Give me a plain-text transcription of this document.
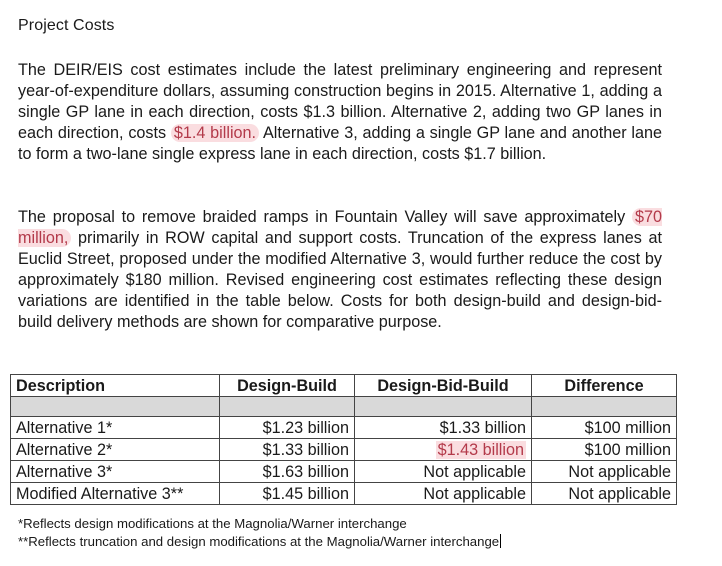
Project Costs

The DEIR/EIS cost estimates include the latest preliminary engineering and represent year-of-expenditure dollars, assuming construction begins in 2015. Alternative 1, adding a single GP lane in each direction, costs $1.3 billion. Alternative 2, adding two GP lanes in each direction, costs $1.4 billion. Alternative 3, adding a single GP lane and another lane to form a two-lane single express lane in each direction, costs $1.7 billion.

The proposal to remove braided ramps in Fountain Valley will save approximately $70 million, primarily in ROW capital and support costs. Truncation of the express lanes at Euclid Street, proposed under the modified Alternative 3, would further reduce the cost by approximately $180 million. Revised engineering cost estimates reflecting these design variations are identified in the table below. Costs for both design-build and design-bid-build delivery methods are shown for comparative purpose.

Description	Design-Build	Design-Bid-Build	Difference

Alternative 1*	$1.23 billion	$1.33 billion	$100 million
Alternative 2*	$1.33 billion	$1.43 billion	$100 million
Alternative 3*	$1.63 billion	Not applicable	Not applicable
Modified Alternative 3**	$1.45 billion	Not applicable	Not applicable
*Reflects design modifications at the Magnolia/Warner interchange
**Reflects truncation and design modifications at the Magnolia/Warner interchange
